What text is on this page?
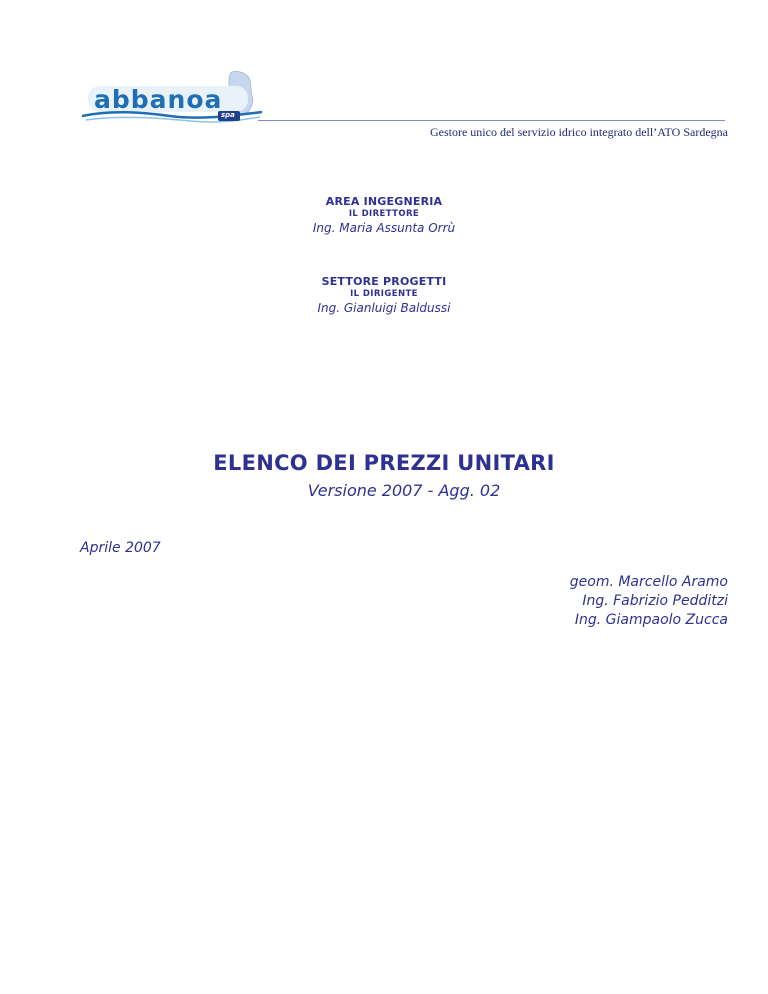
abbanoa
spa
Gestore unico del servizio idrico integrato dell’ATO Sardegna
AREA INGEGNERIA
IL DIRETTORE
Ing. Maria Assunta Orrù
SETTORE PROGETTI
IL DIRIGENTE
Ing. Gianluigi Baldussi
ELENCO DEI PREZZI UNITARI
Versione 2007 - Agg. 02
Aprile 2007
geom. Marcello Aramo
Ing. Fabrizio Pedditzi
Ing. Giampaolo Zucca
